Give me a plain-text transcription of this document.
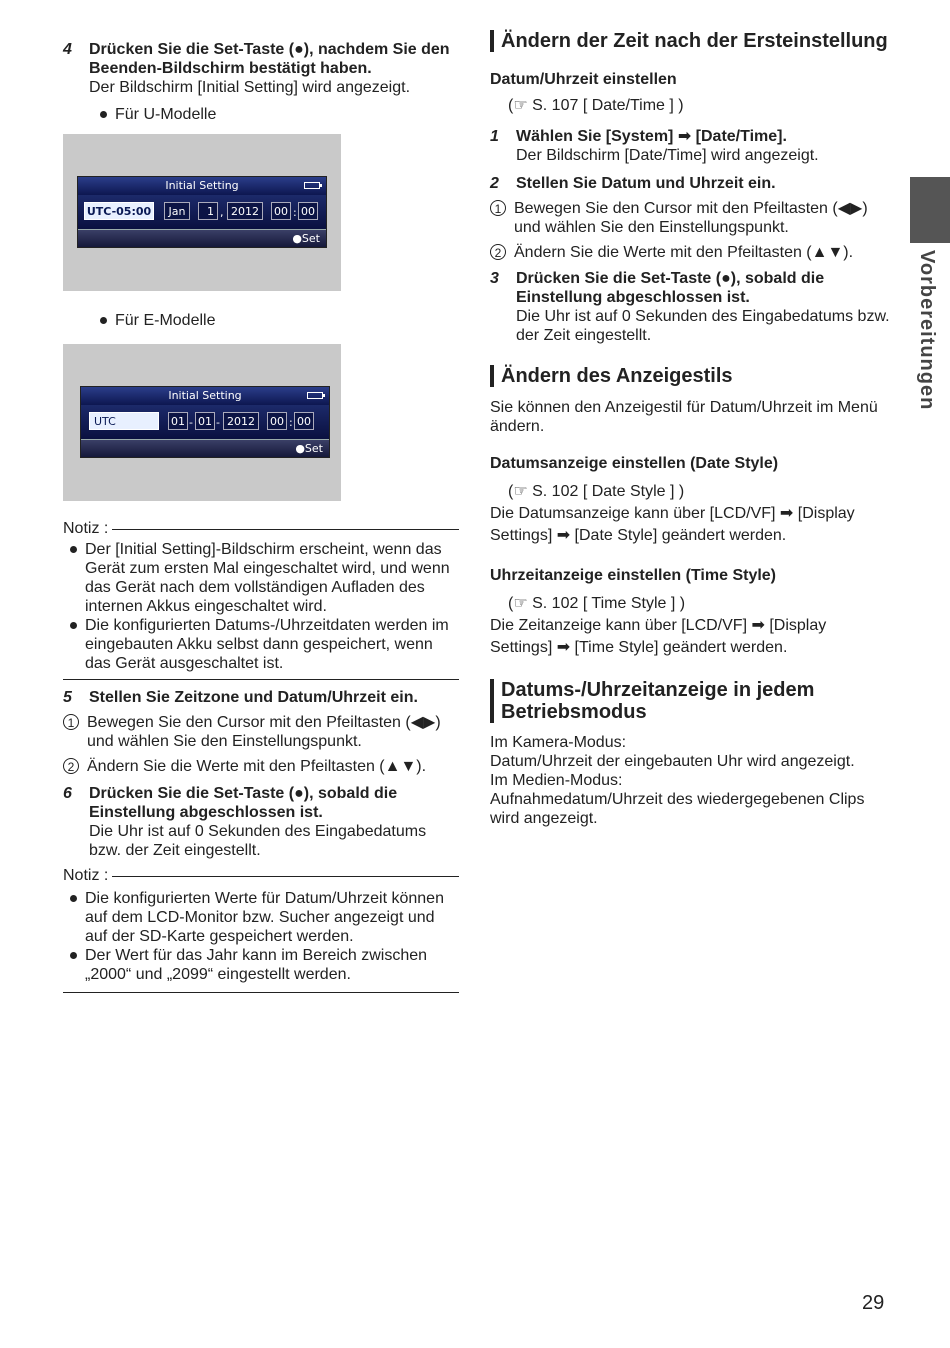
4 Drücken Sie die Set-Taste (●), nachdem Sie den Beenden-Bildschirm bestätigt haben.

Der Bildschirm [Initial Setting] wird angezeigt.

Für U-Modelle
Initial Setting
UTC-05:00	Jan	1 , 2012	00 : 00
●Set
Für E-Modelle
Initial Setting
UTC	01 - 01 - 2012	00 : 00
●Set
Notiz :

Der [Initial Setting]-Bildschirm erscheint, wenn das Gerät zum ersten Mal eingeschaltet wird, und wenn das Gerät nach dem vollständigen Aufladen des internen Akkus eingeschaltet wird.

Die konfigurierten Datums-/Uhrzeitdaten werden im eingebauten Akku selbst dann gespeichert, wenn das Gerät ausgeschaltet ist.

5 Stellen Sie Zeitzone und Datum/Uhrzeit ein.

1 Bewegen Sie den Cursor mit den Pfeiltasten (◀▶) und wählen Sie den Einstellungspunkt.
2 Ändern Sie die Werte mit den Pfeiltasten (▲▼).
6 Drücken Sie die Set-Taste (●), sobald die Einstellung abgeschlossen ist.

Die Uhr ist auf 0 Sekunden des Eingabedatums bzw. der Zeit eingestellt.

Notiz :

Die konfigurierten Werte für Datum/Uhrzeit können auf dem LCD-Monitor bzw. Sucher angezeigt und auf der SD-Karte gespeichert werden.

Der Wert für das Jahr kann im Bereich zwischen „2000“ und „2099“ eingestellt werden.

Ändern der Zeit nach der Ersteinstellung

Datum/Uhrzeit einstellen

(☞ S. 107 [ Date/Time ] )

1 Wählen Sie [System] ➡ [Date/Time].

Der Bildschirm [Date/Time] wird angezeigt.

2 Stellen Sie Datum und Uhrzeit ein.

1 Bewegen Sie den Cursor mit den Pfeiltasten (◀▶) und wählen Sie den Einstellungspunkt.
2 Ändern Sie die Werte mit den Pfeiltasten (▲▼).
3 Drücken Sie die Set-Taste (●), sobald die Einstellung abgeschlossen ist.

Die Uhr ist auf 0 Sekunden des Eingabedatums bzw. der Zeit eingestellt.

Ändern des Anzeigestils

Sie können den Anzeigestil für Datum/Uhrzeit im Menü ändern.

Datumsanzeige einstellen (Date Style)

(☞ S. 102 [ Date Style ] )

Die Datumsanzeige kann über [LCD/VF] ➡ [Display Settings] ➡ [Date Style] geändert werden.

Uhrzeitanzeige einstellen (Time Style)

(☞ S. 102 [ Time Style ] )

Die Zeitanzeige kann über [LCD/VF] ➡ [Display Settings] ➡ [Time Style] geändert werden.

Datums-/Uhrzeitanzeige in jedem Betriebsmodus

Im Kamera-Modus:

Datum/Uhrzeit der eingebauten Uhr wird angezeigt.

Im Medien-Modus:

Aufnahmedatum/Uhrzeit des wiedergegebenen Clips wird angezeigt.

Vorbereitungen
29
